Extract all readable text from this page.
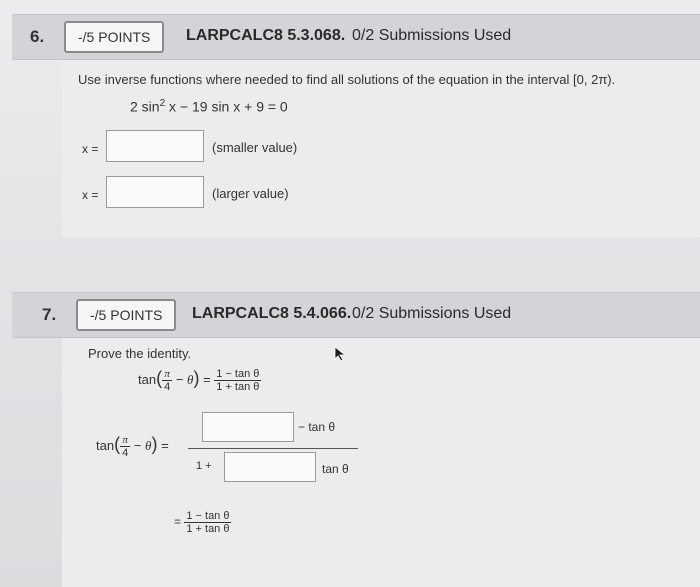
6.	-/5 POINTS	LARPCALC8 5.3.068. 0/2 Submissions Used
Use inverse functions where needed to find all solutions of the equation in the interval [0, 2π).
2 $\sin^2 x - 19$ sin x + 9 = 0
x =	(smaller value)
x =	(larger value)
7.	-/5 POINTS	LARPCALC8 5.4.066. 0/2 Submissions Used
Prove the identity.
$\tan( \frac{\pi}{4} - \theta) = \frac{\text{1 − tan θ}}{\text{1 + tan θ}}$
$\tan( \frac{\pi}{4} - \theta)$ =
− tan θ
1 +	tan θ
= $\frac{\text{1 − tan θ}}{\text{1 + tan θ}}$
